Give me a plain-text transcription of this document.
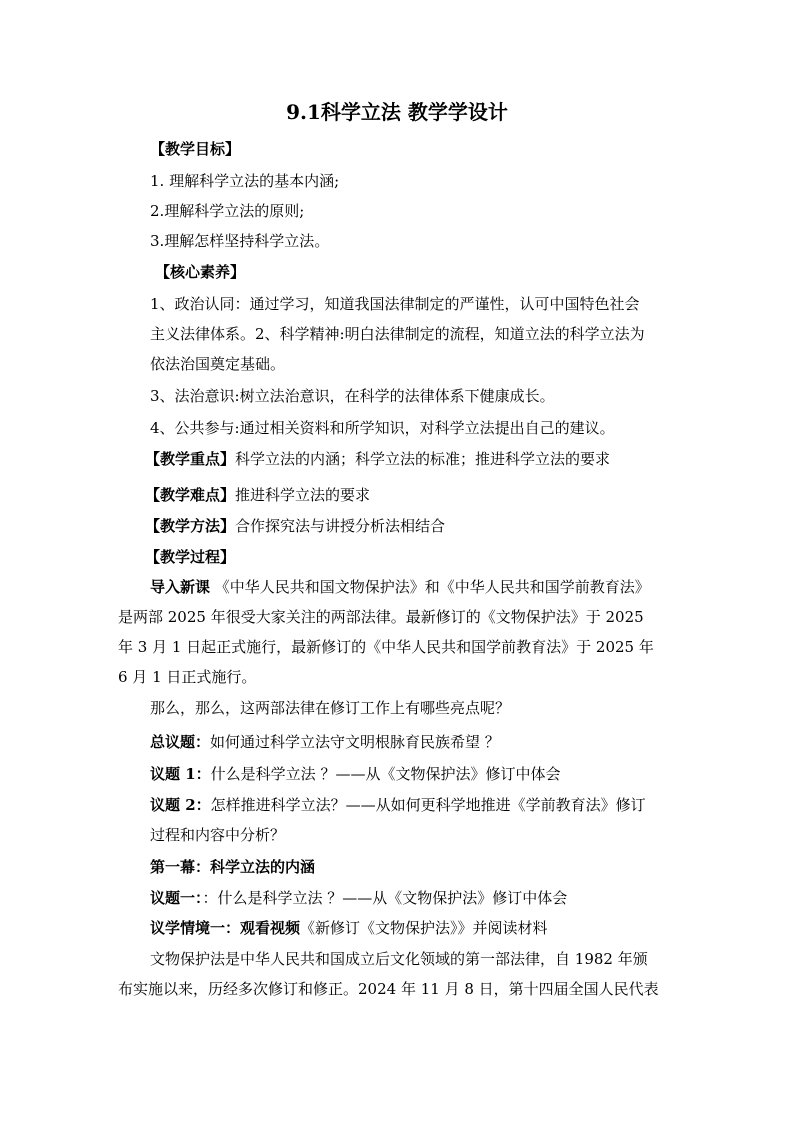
9.1科学立法 教学学设计

【教学目标】

1. 理解科学立法的基本内涵;

2.理解科学立法的原则;

3.理解怎样坚持科学立法。

【核心素养】

1、政治认同：通过学习，知道我国法律制定的严谨性，认可中国特色社会

主义法律体系。2、科学精神:明白法律制定的流程，知道立法的科学立法为

依法治国奠定基础。

3、法治意识:树立法治意识，在科学的法律体系下健康成长。

4、公共参与:通过相关资料和所学知识，对科学立法提出自己的建议。

【教学重点】科学立法的内涵；科学立法的标准；推进科学立法的要求

【教学难点】推进科学立法的要求

【教学方法】合作探究法与讲授分析法相结合

【教学过程】

导入新课 《中华人民共和国文物保护法》和《中华人民共和国学前教育法》

是两部 2025 年很受大家关注的两部法律。最新修订的《文物保护法》于 2025

年 3 月 1 日起正式施行，最新修订的《中华人民共和国学前教育法》于 2025 年

6 月 1 日正式施行。

那么，那么，这两部法律在修订工作上有哪些亮点呢？

总议题：如何通过科学立法守文明根脉育民族希望 ？

议题 1：什么是科学立法 ？——从《文物保护法》修订中体会

议题 2：怎样推进科学立法？——从如何更科学地推进《学前教育法》修订

过程和内容中分析？

第一幕：科学立法的内涵

议题一：：什么是科学立法 ？——从《文物保护法》修订中体会

议学情境一：观看视频《新修订《文物保护法》》并阅读材料

文物保护法是中华人民共和国成立后文化领域的第一部法律，自 1982 年颁

布实施以来，历经多次修订和修正。2024 年 11 月 8 日，第十四届全国人民代表
